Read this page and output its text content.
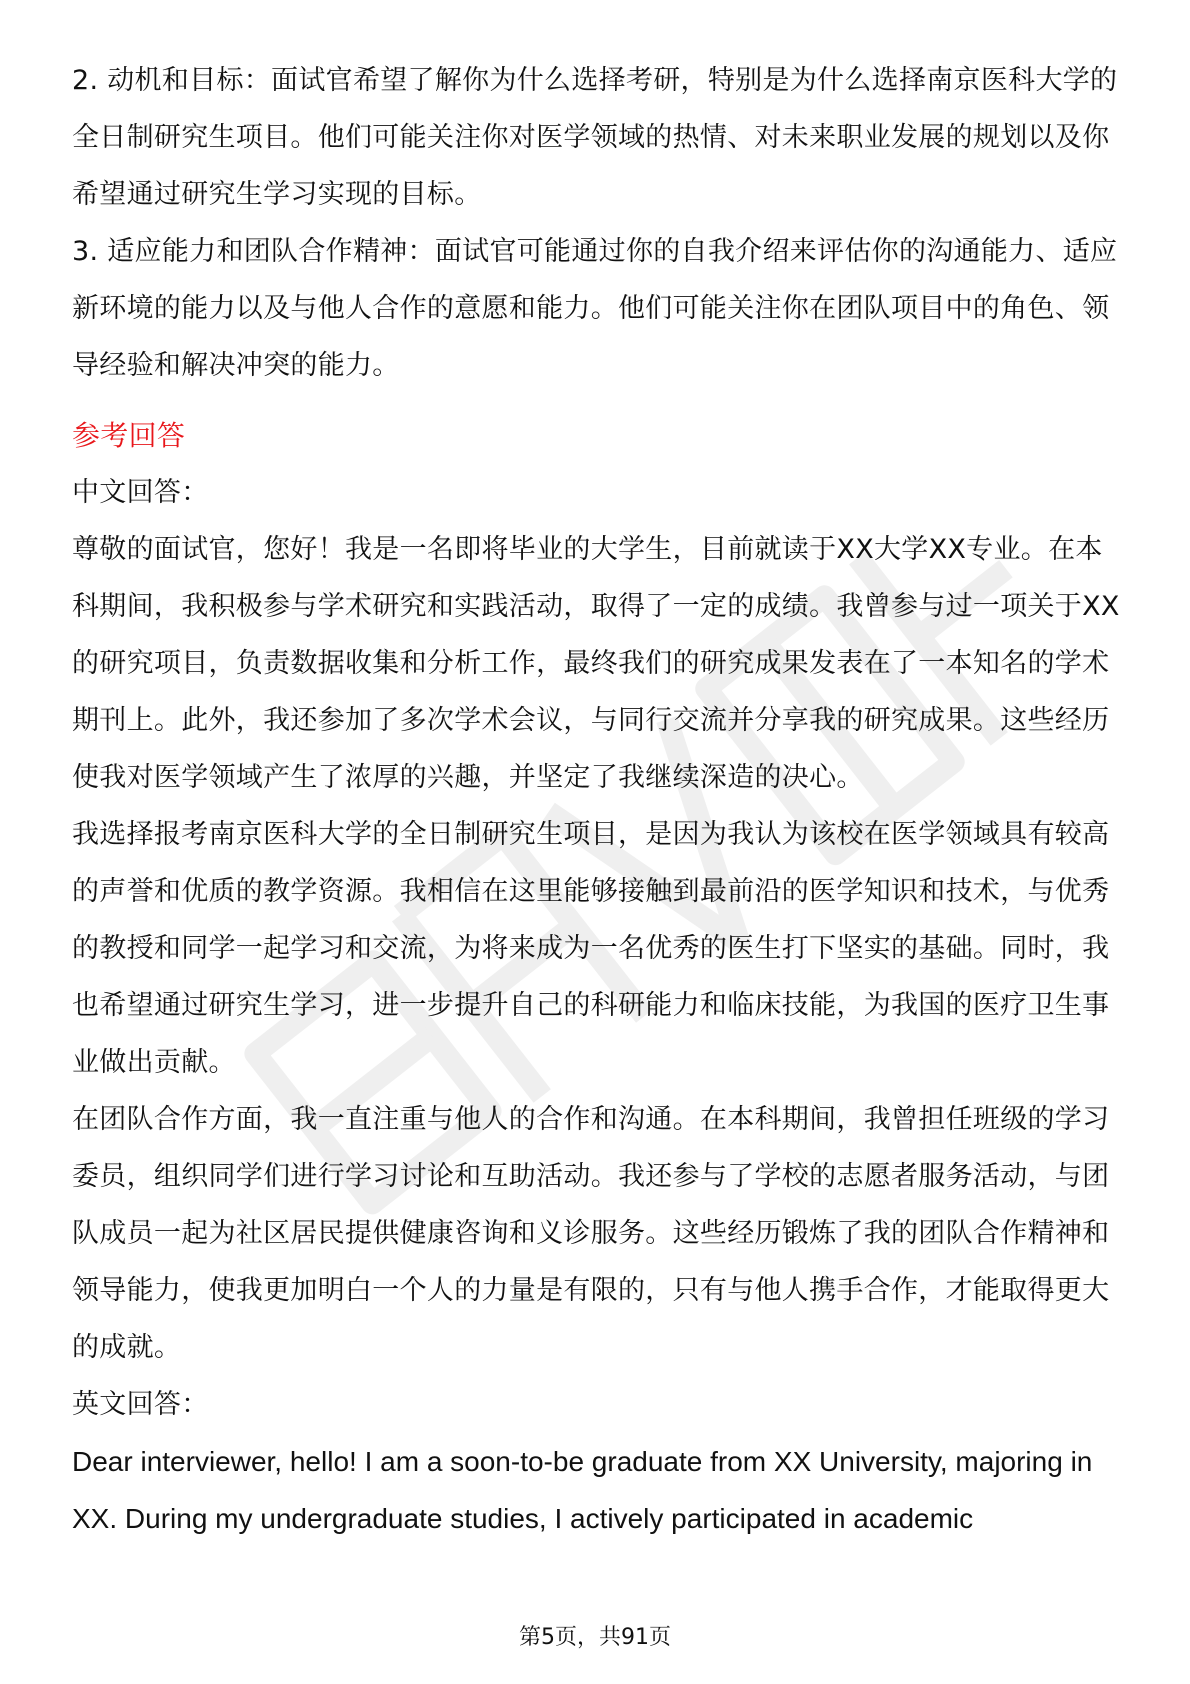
2. 动机和目标：面试官希望了解你为什么选择考研，特别是为什么选择南京医科大学的全日制研究生项目。他们可能关注你对医学领域的热情、对未来职业发展的规划以及你希望通过研究生学习实现的目标。

3. 适应能力和团队合作精神：面试官可能通过你的自我介绍来评估你的沟通能力、适应新环境的能力以及与他人合作的意愿和能力。他们可能关注你在团队项目中的角色、领导经验和解决冲突的能力。

参考回答

中文回答：

尊敬的面试官，您好！我是一名即将毕业的大学生，目前就读于XX大学XX专业。在本科期间，我积极参与学术研究和实践活动，取得了一定的成绩。我曾参与过一项关于XX的研究项目，负责数据收集和分析工作，最终我们的研究成果发表在了一本知名的学术期刊上。此外，我还参加了多次学术会议，与同行交流并分享我的研究成果。这些经历使我对医学领域产生了浓厚的兴趣，并坚定了我继续深造的决心。

我选择报考南京医科大学的全日制研究生项目，是因为我认为该校在医学领域具有较高的声誉和优质的教学资源。我相信在这里能够接触到最前沿的医学知识和技术，与优秀的教授和同学一起学习和交流，为将来成为一名优秀的医生打下坚实的基础。同时，我也希望通过研究生学习，进一步提升自己的科研能力和临床技能，为我国的医疗卫生事业做出贡献。

在团队合作方面，我一直注重与他人的合作和沟通。在本科期间，我曾担任班级的学习委员，组织同学们进行学习讨论和互助活动。我还参与了学校的志愿者服务活动，与团队成员一起为社区居民提供健康咨询和义诊服务。这些经历锻炼了我的团队合作精神和领导能力，使我更加明白一个人的力量是有限的，只有与他人携手合作，才能取得更大的成就。

英文回答：

Dear interviewer, hello! I am a soon-to-be graduate from XX University, majoring in XX. During my undergraduate studies, I actively participated in academic

第5页，共91页
